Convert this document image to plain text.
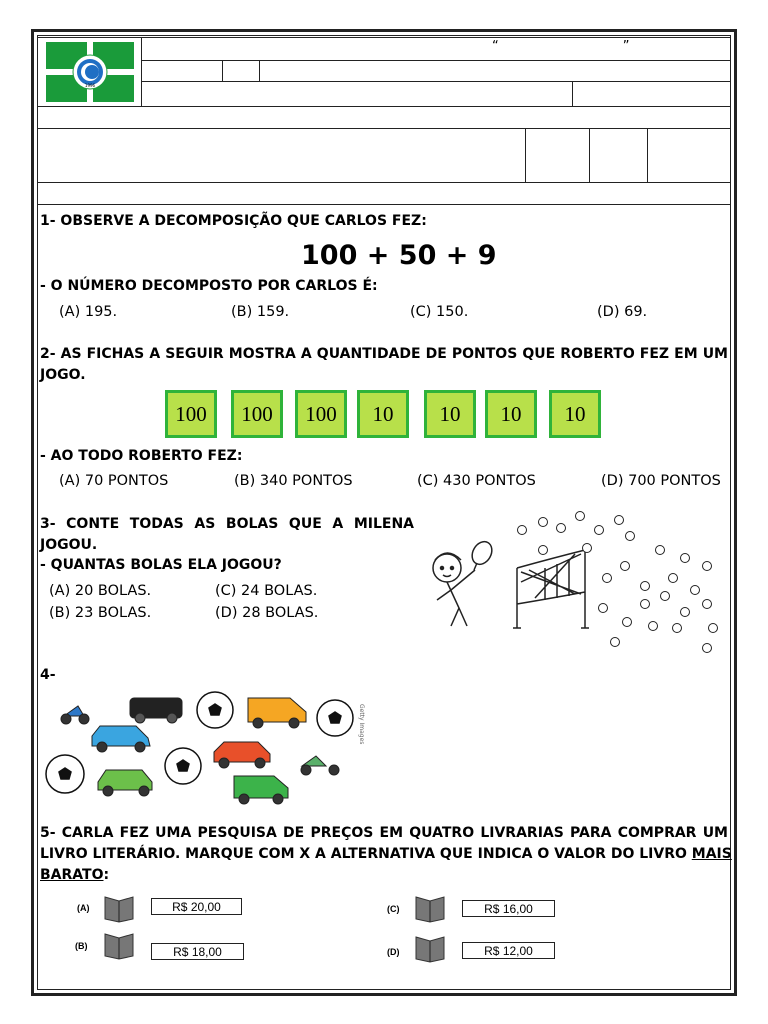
1996
“                              ”
1- OBSERVE A DECOMPOSIÇÃO QUE CARLOS FEZ:
100 + 50 + 9
- O NÚMERO DECOMPOSTO POR CARLOS É:
(A) 195.	(B) 159.	(C) 150.	(D) 69.
2- AS FICHAS A SEGUIR MOSTRA A QUANTIDADE DE PONTOS QUE ROBERTO FEZ EM UM
JOGO.
100	100	100	10	10	10	10
- AO TODO ROBERTO FEZ:
(A) 70 PONTOS	(B) 340 PONTOS	(C) 430 PONTOS	(D) 700 PONTOS
3- CONTE TODAS AS BOLAS QUE A MILENA
JOGOU.
- QUANTAS BOLAS ELA JOGOU?
(A) 20 BOLAS.	(C) 24 BOLAS.
(B) 23 BOLAS.	(D) 28 BOLAS.
4-
Getty Images
5- CARLA FEZ UMA PESQUISA DE PREÇOS EM QUATRO LIVRARIAS PARA COMPRAR UM
LIVRO LITERÁRIO. MARQUE COM X A ALTERNATIVA QUE INDICA O VALOR DO LIVRO MAIS
BARATO:
(A)	R$ 20,00
(B)	R$ 18,00
(C)	R$ 16,00
(D)	R$ 12,00
